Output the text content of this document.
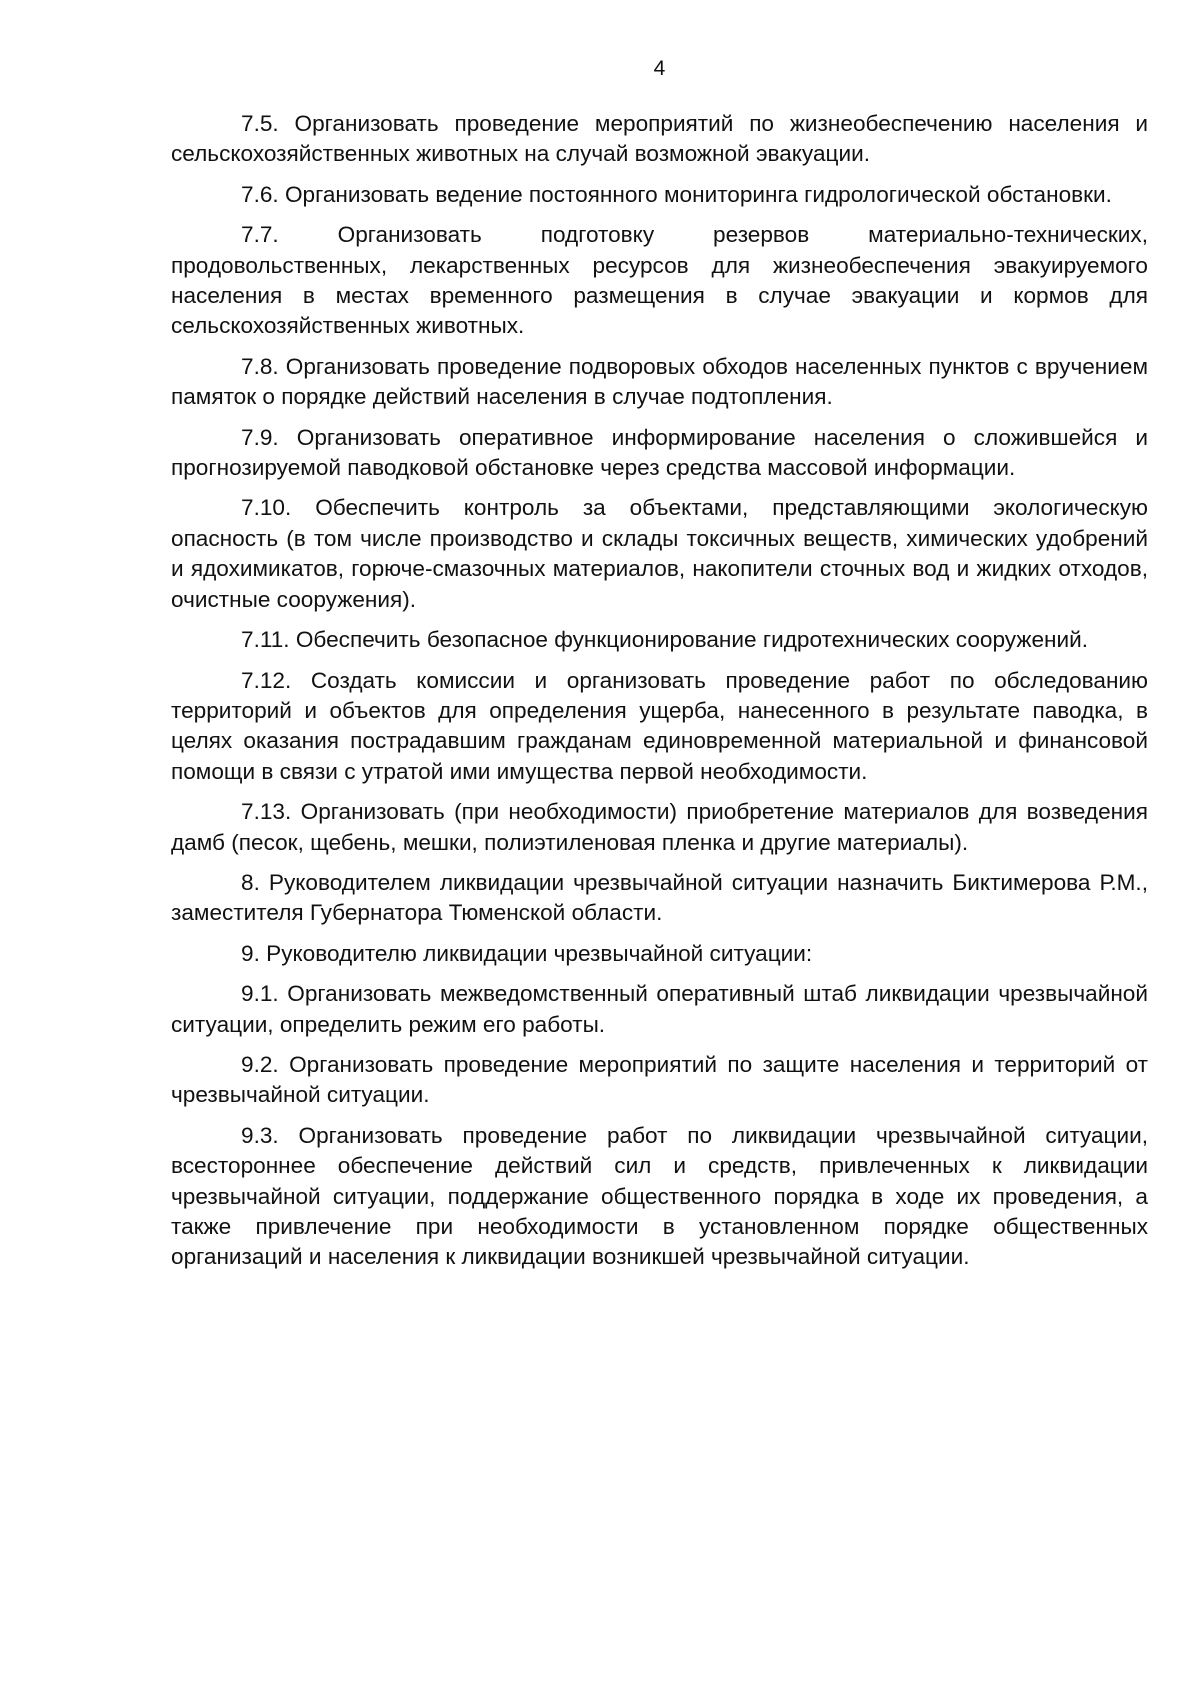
4

7.5. Организовать проведение мероприятий по жизнеобеспечению населения и сельскохозяйственных животных на случай возможной эвакуации.

7.6. Организовать ведение постоянного мониторинга гидрологической обстановки.

7.7.	Организовать подготовку резервов материально-технических, продовольственных, лекарственных ресурсов для жизнеобеспечения эвакуируемого населения в местах временного размещения в случае эвакуации и кормов для сельскохозяйственных животных.

7.8. Организовать проведение подворовых обходов населенных пунктов с вручением памяток о порядке действий населения в случае подтопления.

7.9. Организовать оперативное информирование населения о сложившейся и прогнозируемой паводковой обстановке через средства массовой информации.

7.10. Обеспечить контроль за объектами, представляющими экологическую опасность (в том числе производство и склады токсичных веществ, химических удобрений и ядохимикатов, горюче-смазочных материалов, накопители сточных вод и жидких отходов, очистные сооружения).

7.11. Обеспечить безопасное функционирование гидротехнических сооружений.

7.12. Создать комиссии и организовать проведение работ по обследованию территорий и объектов для определения ущерба, нанесенного в результате паводка, в целях оказания пострадавшим гражданам единовременной материальной и финансовой помощи в связи с утратой ими имущества первой необходимости.

7.13. Организовать (при необходимости) приобретение материалов для возведения дамб (песок, щебень, мешки, полиэтиленовая пленка и другие материалы).

8. Руководителем ликвидации чрезвычайной ситуации назначить Биктимерова Р.М., заместителя Губернатора Тюменской области.

9. Руководителю ликвидации чрезвычайной ситуации:

9.1. Организовать межведомственный оперативный штаб ликвидации чрезвычайной ситуации, определить режим его работы.

9.2. Организовать проведение мероприятий по защите населения и территорий от чрезвычайной ситуации.

9.3. Организовать проведение работ по ликвидации чрезвычайной ситуации, всестороннее обеспечение действий сил и средств, привлеченных к ликвидации чрезвычайной ситуации, поддержание общественного порядка в ходе их проведения, а также привлечение при необходимости в установленном порядке общественных организаций и населения к ликвидации возникшей чрезвычайной ситуации.
